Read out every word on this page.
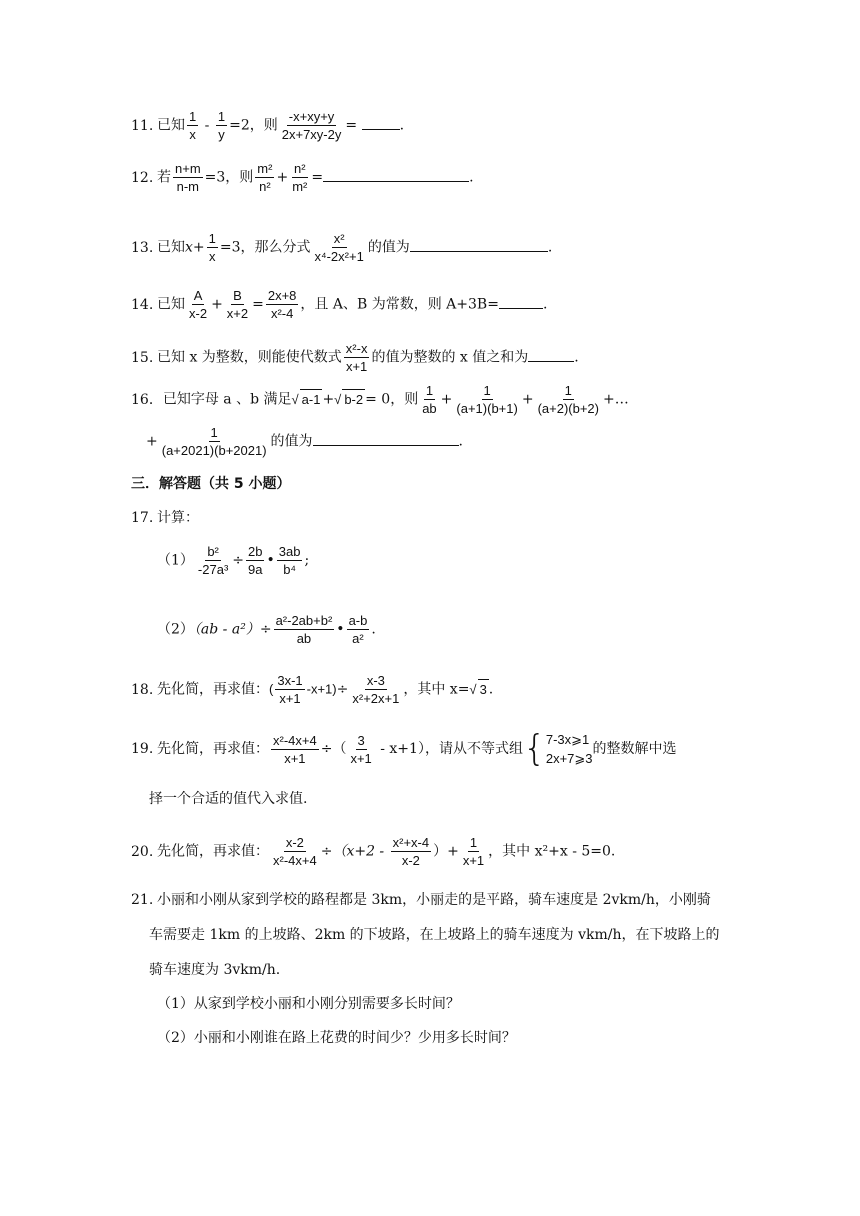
11. 已知 $\frac{1}{x} - \frac{1}{y} =2$，则 $\frac{-x+xy+y}{2x+7xy-2y}$ =	.
12. 若 $\frac{n+m}{n-m} =3$，则 $\frac{\text{m²}}{\text{n²}} + \frac{\text{n²}}{\text{m²}}$ =	.
13. 已知$x+ \frac{1}{x} =3$，那么分式 $\frac{\text{x²}}{\text{x⁴-2x²+1}}$ 的值为	.
14. 已知 $\frac{A}{x-2} + \frac{B}{x+2} = \frac{2x+8}{\text{x²-4}}$ ，且 A、B 为常数，则 A+3B=	.
15. 已知 x 为整数，则能使代数式 $\frac{\text{x²-x}}{x+1}$ 的值为整数的 x 值之和为	.
16．已知字母 a 、b 满足√ a-1 +√ b-2 = 0，则 $\frac{1}{ab} + \frac{1}{(a+1)(b+1)} + \frac{1}{(a+2)(b+2)}$ +…
+ $\frac{1}{(a+2021)(b+2021)}$ 的值为	.
三．解答题（共 5 小题）
17. 计算：
$(1) \frac{\text{b²}}{\text{-27a³}} \div \frac{2b}{9a}$ • $\frac{3ab}{\text{b⁴}}$ ;
$(2)(ab - a^2)\div \frac{\text{a²-2ab+b²}}{ab}$ • $\frac{a-b}{\text{a²}}$ .
18. 先化简，再求值：( $\frac{3x-1}{x+1} -x+1)\div \frac{x-3}{\text{x²+2x+1}}$ ，其中 x=√ 3 .
19. 先化简，再求值： $\frac{\text{x²-4x+4}}{x+1}$ ÷（ $\frac{3}{x+1} - x+1$），请从不等式组 { 7-3x⩾1
2x+7⩾3
的整数解中选
择一个合适的值代入求值.
20. 先化简，再求值： $\frac{x-2}{\text{x²-4x+4}} \div(x+2 - \frac{\text{x²+x-4}}{x-2}$ ）+ $\frac{1}{x+1}$ ，其中 x²+x - 5=0.
21. 小丽和小刚从家到学校的路程都是 3km，小丽走的是平路，骑车速度是 2vkm/h，小刚骑
车需要走 1km 的上坡路、2km 的下坡路，在上坡路上的骑车速度为 vkm/h，在下坡路上的
骑车速度为 3vkm/h.
（1）从家到学校小丽和小刚分别需要多长时间？
（2）小丽和小刚谁在路上花费的时间少？少用多长时间？
